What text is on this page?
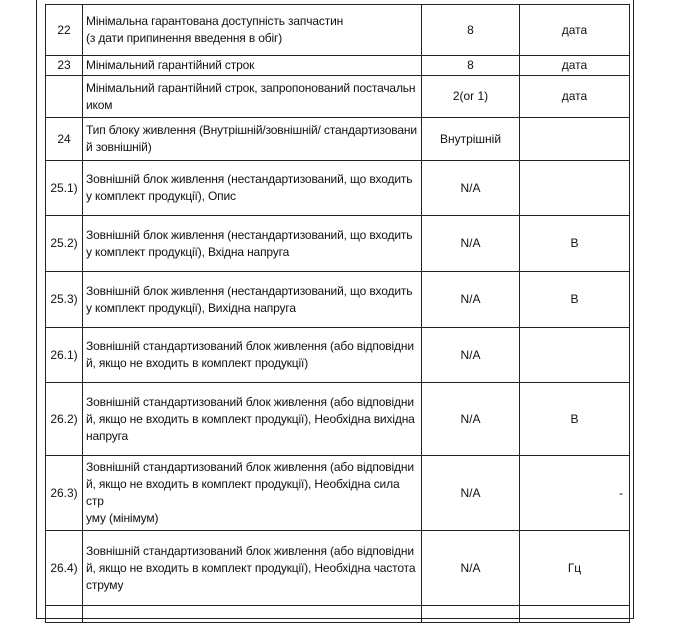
22	Мінімальна гарантована доступність запчастин
(з дати припинення введення в обіг)	8	дата
23	Мінімальний гарантійний строк	8	дата

	Мінімальний гарантійний строк, запропонований постачальн
иком	2(or 1)	дата
24	Тип блоку живлення (Внутрішній/зовнішній/ стандартизовани
й зовнішній)	Внутрішній	
25.1)	Зовнішній блок живлення (нестандартизований, що входить
у комплект продукції), Опис	N/A	
25.2)	Зовнішній блок живлення (нестандартизований, що входить
у комплект продукції), Вхідна напруга	N/A	В
25.3)	Зовнішній блок живлення (нестандартизований, що входить
у комплект продукції), Вихідна напруга	N/A	В
26.1)	Зовнішній стандартизований блок живлення (або відповідни
й, якщо не входить в комплект продукції)	N/A	
26.2)	Зовнішній стандартизований блок живлення (або відповідни
й, якщо не входить в комплект продукції), Необхідна вихідна
напруга	N/A	В
26.3)	Зовнішній стандартизований блок живлення (або відповідни
й, якщо не входить в комплект продукції), Необхідна сила стр
уму (мінімум)	N/A	-
26.4)	Зовнішній стандартизований блок живлення (або відповідни
й, якщо не входить в комплект продукції), Необхідна частота
струму	N/A	Гц
